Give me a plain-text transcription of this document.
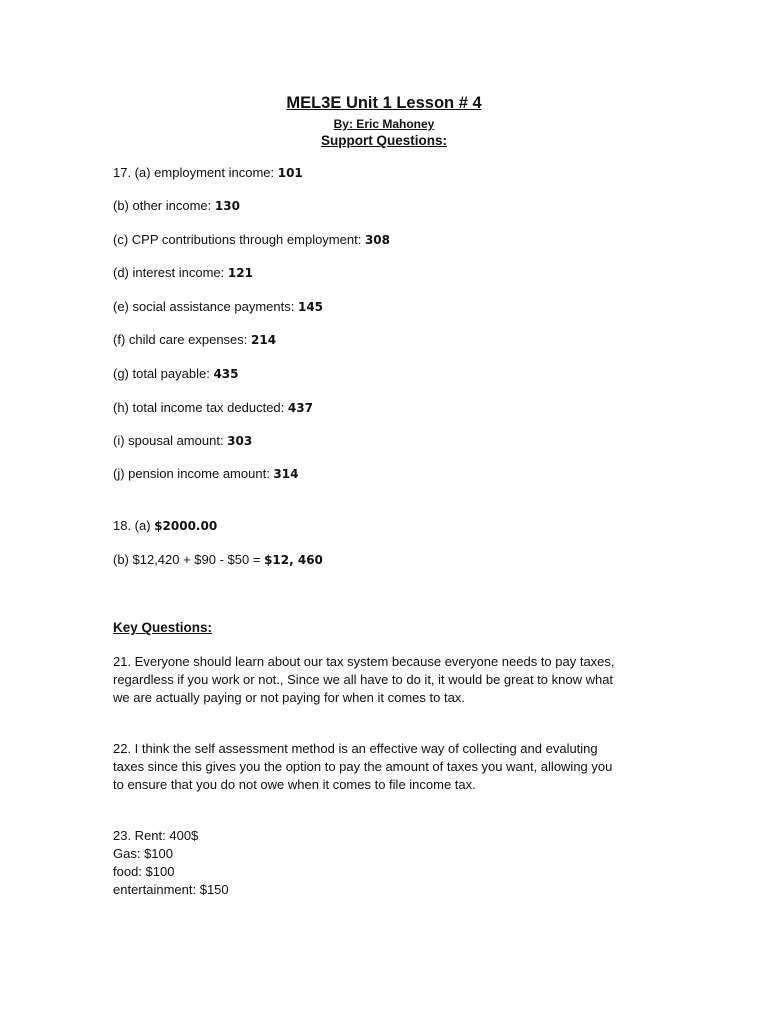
MEL3E Unit 1 Lesson # 4
By: Eric Mahoney
Support Questions:
17. (a) employment income: 101
(b) other income: 130
(c) CPP contributions through employment: 308
(d) interest income: 121
(e) social assistance payments: 145
(f) child care expenses: 214
(g) total payable: 435
(h) total income tax deducted: 437
(i) spousal amount: 303
(j) pension income amount: 314
18. (a) $2000.00
(b) $12,420 + $90 - $50 = $12, 460
Key Questions:
21. Everyone should learn about our tax system because everyone needs to pay taxes,
regardless if you work or not., Since we all have to do it, it would be great to know what
we are actually paying or not paying for when it comes to tax.
22. I think the self assessment method is an effective way of collecting and evaluting
taxes since this gives you the option to pay the amount of taxes you want, allowing you
to ensure that you do not owe when it comes to file income tax.
23. Rent: 400$
Gas: $100
food: $100
entertainment: $150
